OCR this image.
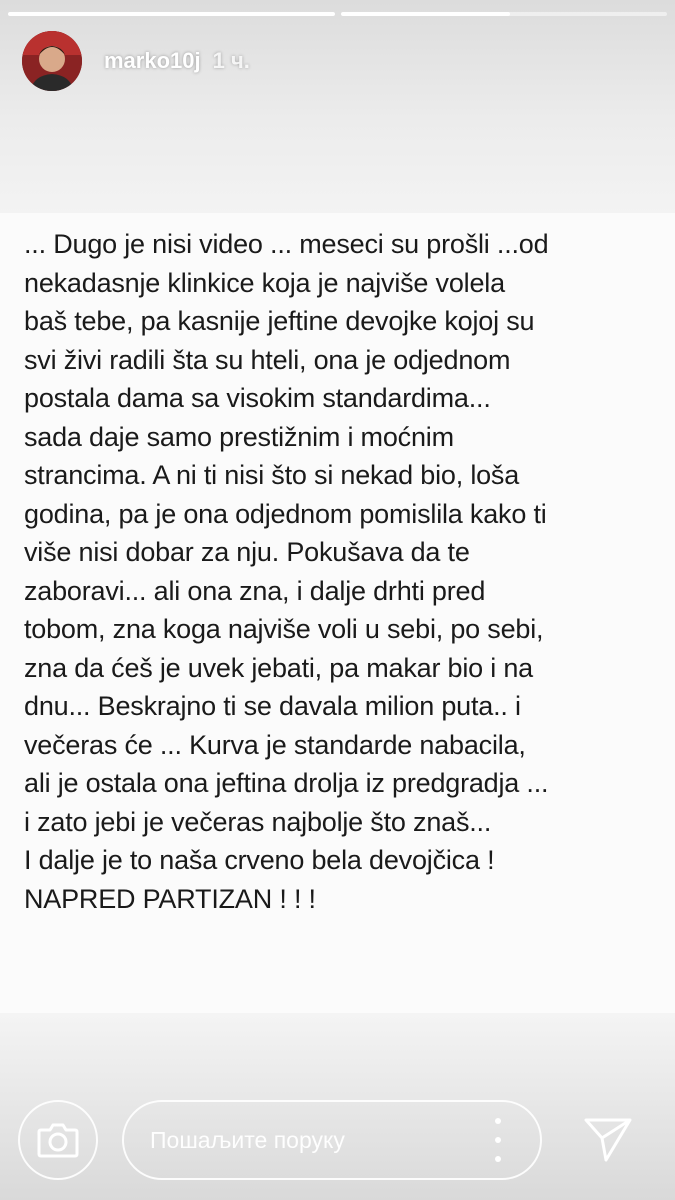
marko10j 1 ч.

... Dugo je nisi video ... meseci su prošli ...od
nekadasnje klinkice koja je najviše volela
baš tebe, pa kasnije jeftine devojke kojoj su
svi živi radili šta su hteli, ona je odjednom
postala dama sa visokim standardima...
sada daje samo prestižnim i moćnim
strancima. A ni ti nisi što si nekad bio, loša
godina, pa je ona odjednom pomislila kako ti
više nisi dobar za nju. Pokušava da te
zaboravi... ali ona zna, i dalje drhti pred
tobom, zna koga najviše voli u sebi, po sebi,
zna da ćeš je uvek jebati, pa makar bio i na
dnu... Beskrajno ti se davala milion puta.. i
večeras će ... Kurva je standarde nabacila,
ali je ostala ona jeftina drolja iz predgradja ...
i zato jebi je večeras najbolje što znaš...
I dalje je to naša crveno bela devojčica !
NAPRED PARTIZAN ! ! !

Пошаљите поруку
